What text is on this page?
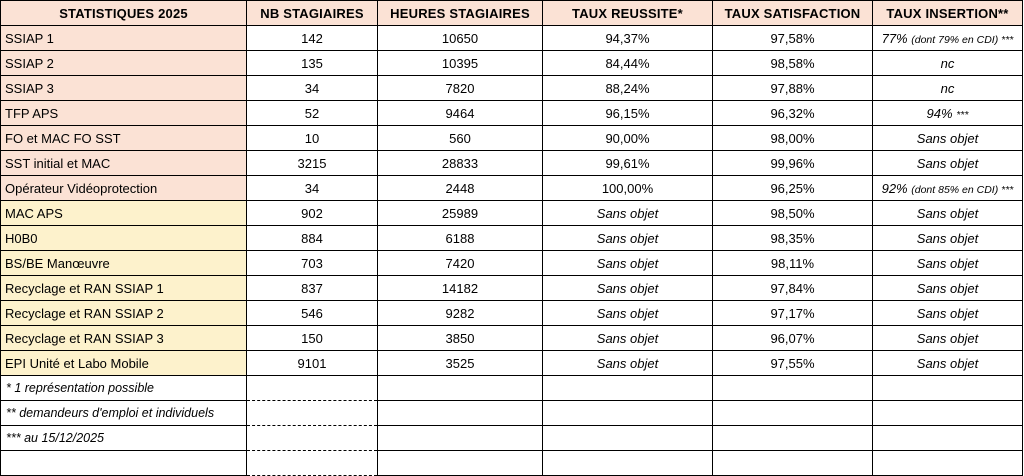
STATISTIQUES 2025	NB STAGIAIRES	HEURES STAGIAIRES	TAUX REUSSITE*	TAUX SATISFACTION	TAUX INSERTION**
SSIAP 1	142	10650	94,37%	97,58%	77% (dont 79% en CDI) ***
SSIAP 2	135	10395	84,44%	98,58%	nc
SSIAP 3	34	7820	88,24%	97,88%	nc
TFP APS	52	9464	96,15%	96,32%	94% ***
FO et MAC FO SST	10	560	90,00%	98,00%	Sans objet
SST initial et MAC	3215	28833	99,61%	99,96%	Sans objet
Opérateur Vidéoprotection	34	2448	100,00%	96,25%	92% (dont 85% en CDI) ***
MAC APS	902	25989	Sans objet	98,50%	Sans objet
H0B0	884	6188	Sans objet	98,35%	Sans objet
BS/BE Manœuvre	703	7420	Sans objet	98,11%	Sans objet
Recyclage et RAN SSIAP 1	837	14182	Sans objet	97,84%	Sans objet
Recyclage et RAN SSIAP 2	546	9282	Sans objet	97,17%	Sans objet
Recyclage et RAN SSIAP 3	150	3850	Sans objet	96,07%	Sans objet
EPI Unité et Labo Mobile	9101	3525	Sans objet	97,55%	Sans objet
* 1 représentation possible					
** demandeurs d'emploi et individuels					
*** au 15/12/2025					
